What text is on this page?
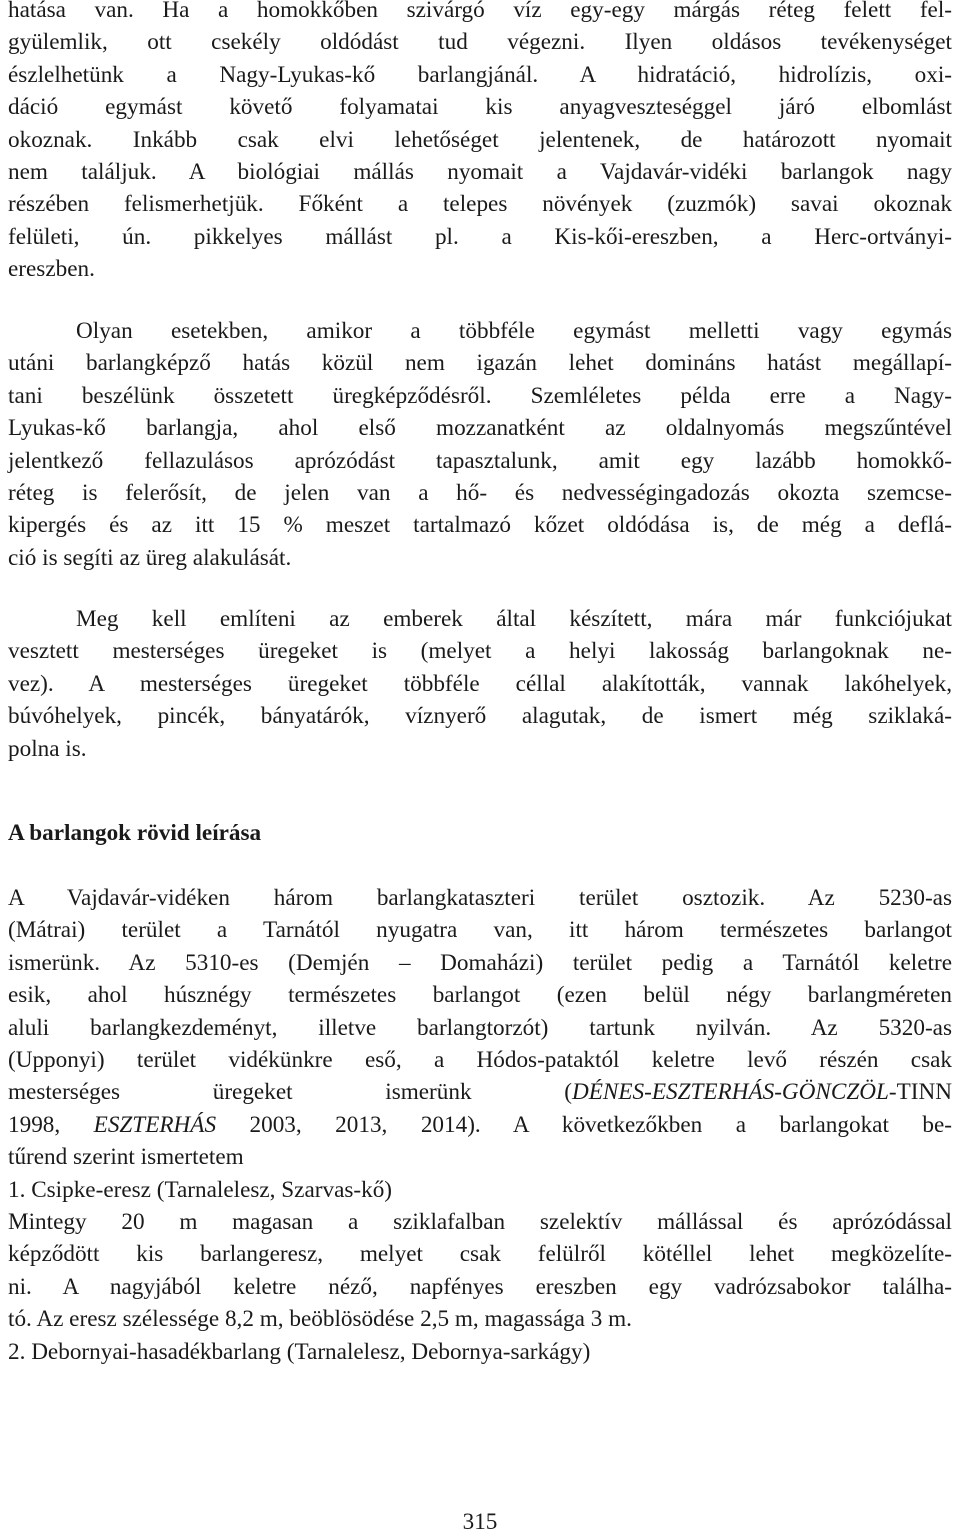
hatása van. Ha a homokkőben szivárgó víz egy-egy márgás réteg felett fel-

gyülemlik, ott csekély oldódást tud végezni. Ilyen oldásos tevékenységet

észlelhetünk a Nagy-Lyukas-kő barlangjánál. A hidratáció, hidrolízis, oxi-

dáció egymást követő folyamatai kis anyagveszteséggel járó elbomlást

okoznak. Inkább csak elvi lehetőséget jelentenek, de határozott nyomait

nem találjuk. A biológiai mállás nyomait a Vajdavár-vidéki barlangok nagy

részében felismerhetjük. Főként a telepes növények (zuzmók) savai okoznak

felületi, ún. pikkelyes mállást pl. a Kis-kői-ereszben, a Herc-ortványi-

ereszben.

Olyan esetekben, amikor a többféle egymást melletti vagy egymás

utáni barlangképző hatás közül nem igazán lehet domináns hatást megállapí-

tani beszélünk összetett üregképződésről. Szemléletes példa erre a Nagy-

Lyukas-kő barlangja, ahol első mozzanatként az oldalnyomás megszűntével

jelentkező fellazulásos aprózódást tapasztalunk, amit egy lazább homokkő-

réteg is felerősít, de jelen van a hő- és nedvességingadozás okozta szemcse-

kipergés és az itt 15 % meszet tartalmazó kőzet oldódása is, de még a deflá-

ció is segíti az üreg alakulását.

Meg kell említeni az emberek által készített, mára már funkciójukat

vesztett mesterséges üregeket is (melyet a helyi lakosság barlangoknak ne-

vez). A mesterséges üregeket többféle céllal alakították, vannak lakóhelyek,

búvóhelyek, pincék, bányatárók, víznyerő alagutak, de ismert még sziklaká-

polna is.

A barlangok rövid leírása

A Vajdavár-vidéken három barlangkataszteri terület osztozik. Az 5230-as

(Mátrai) terület a Tarnától nyugatra van, itt három természetes barlangot

ismerünk. Az 5310-es (Demjén – Domaházi) terület pedig a Tarnától keletre

esik, ahol húsznégy természetes barlangot (ezen belül négy barlangméreten

aluli barlangkezdeményt, illetve barlangtorzót) tartunk nyilván. Az 5320-as

(Upponyi) terület vidékünkre eső, a Hódos-pataktól keletre levő részén csak

mesterséges üregeket ismerünk (DÉNES-ESZTERHÁS-GÖNCZÖL-TINN

1998, ESZTERHÁS 2003, 2013, 2014). A következőkben a barlangokat be-

tűrend szerint ismertetem

1. Csipke-eresz (Tarnalelesz, Szarvas-kő)

Mintegy 20 m magasan a sziklafalban szelektív mállással és aprózódással

képződött kis barlangeresz, melyet csak felülről kötéllel lehet megközelíte-

ni. A nagyjából keletre néző, napfényes ereszben egy vadrózsabokor találha-

tó. Az eresz szélessége 8,2 m, beöblösödése 2,5 m, magassága 3 m.

2. Debornyai-hasadékbarlang (Tarnalelesz, Debornya-sarkágy)

315
